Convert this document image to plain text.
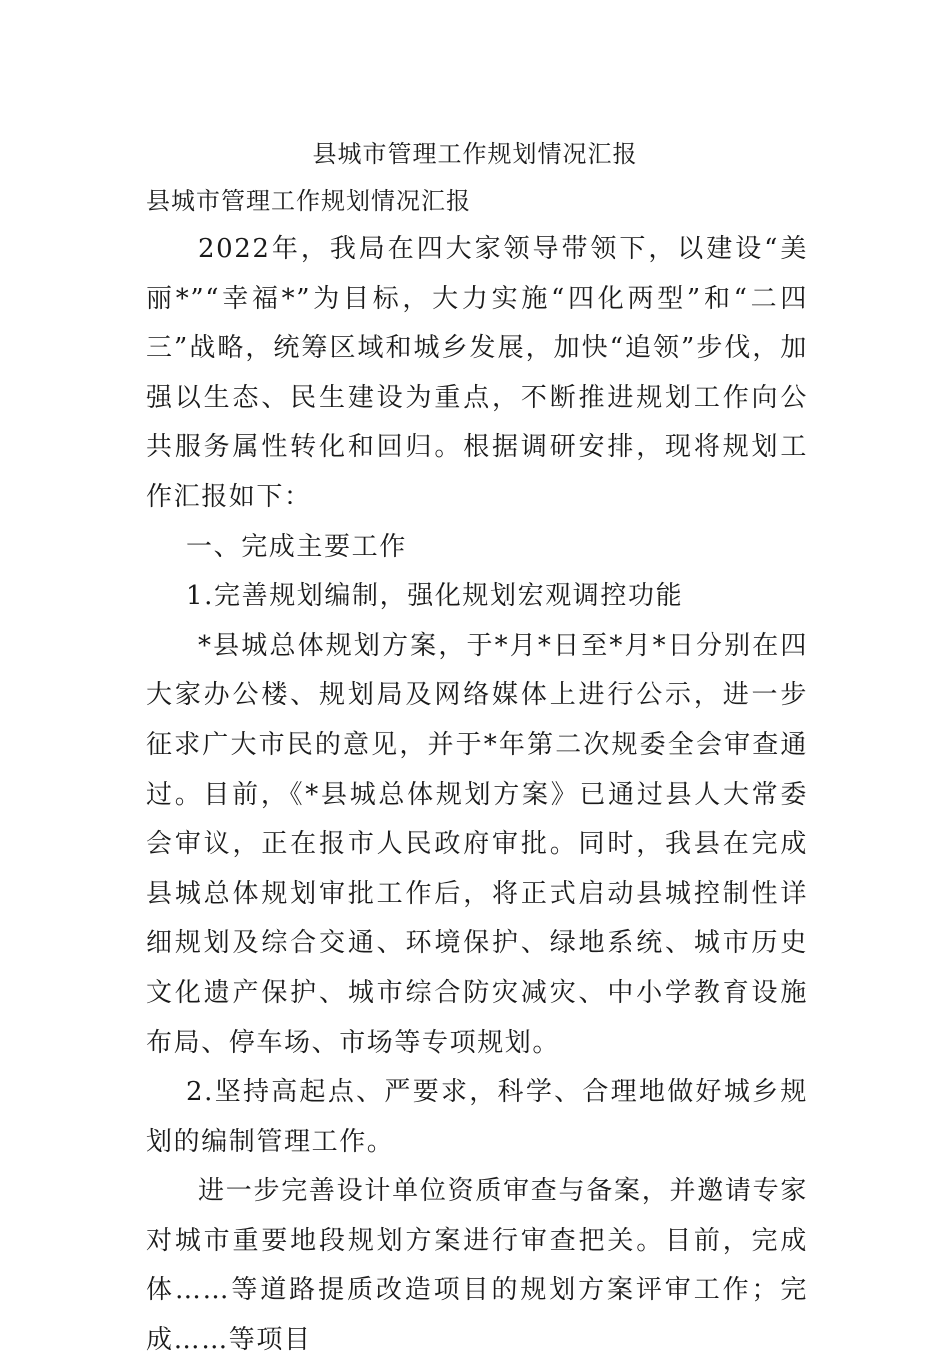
县城市管理工作规划情况汇报

县城市管理工作规划情况汇报

2022年，我局在四大家领导带领下，以建设“美丽*”“幸福*”为目标，大力实施“四化两型”和“二四三”战略，统筹区域和城乡发展，加快“追领”步伐，加强以生态、民生建设为重点，不断推进规划工作向公共服务属性转化和回归。根据调研安排，现将规划工作汇报如下：

一、完成主要工作

1.完善规划编制，强化规划宏观调控功能

*县城总体规划方案，于*月*日至*月*日分别在四大家办公楼、规划局及网络媒体上进行公示，进一步征求广大市民的意见，并于*年第二次规委全会审查通过。目前，《*县城总体规划方案》已通过县人大常委会审议，正在报市人民政府审批。同时，我县在完成县城总体规划审批工作后，将正式启动县城控制性详细规划及综合交通、环境保护、绿地系统、城市历史文化遗产保护、城市综合防灾减灾、中小学教育设施布局、停车场、市场等专项规划。

2.坚持高起点、严要求，科学、合理地做好城乡规划的编制管理工作。

进一步完善设计单位资质审查与备案，并邀请专家对城市重要地段规划方案进行审查把关。目前，完成体……等道路提质改造项目的规划方案评审工作；完成……等项目
